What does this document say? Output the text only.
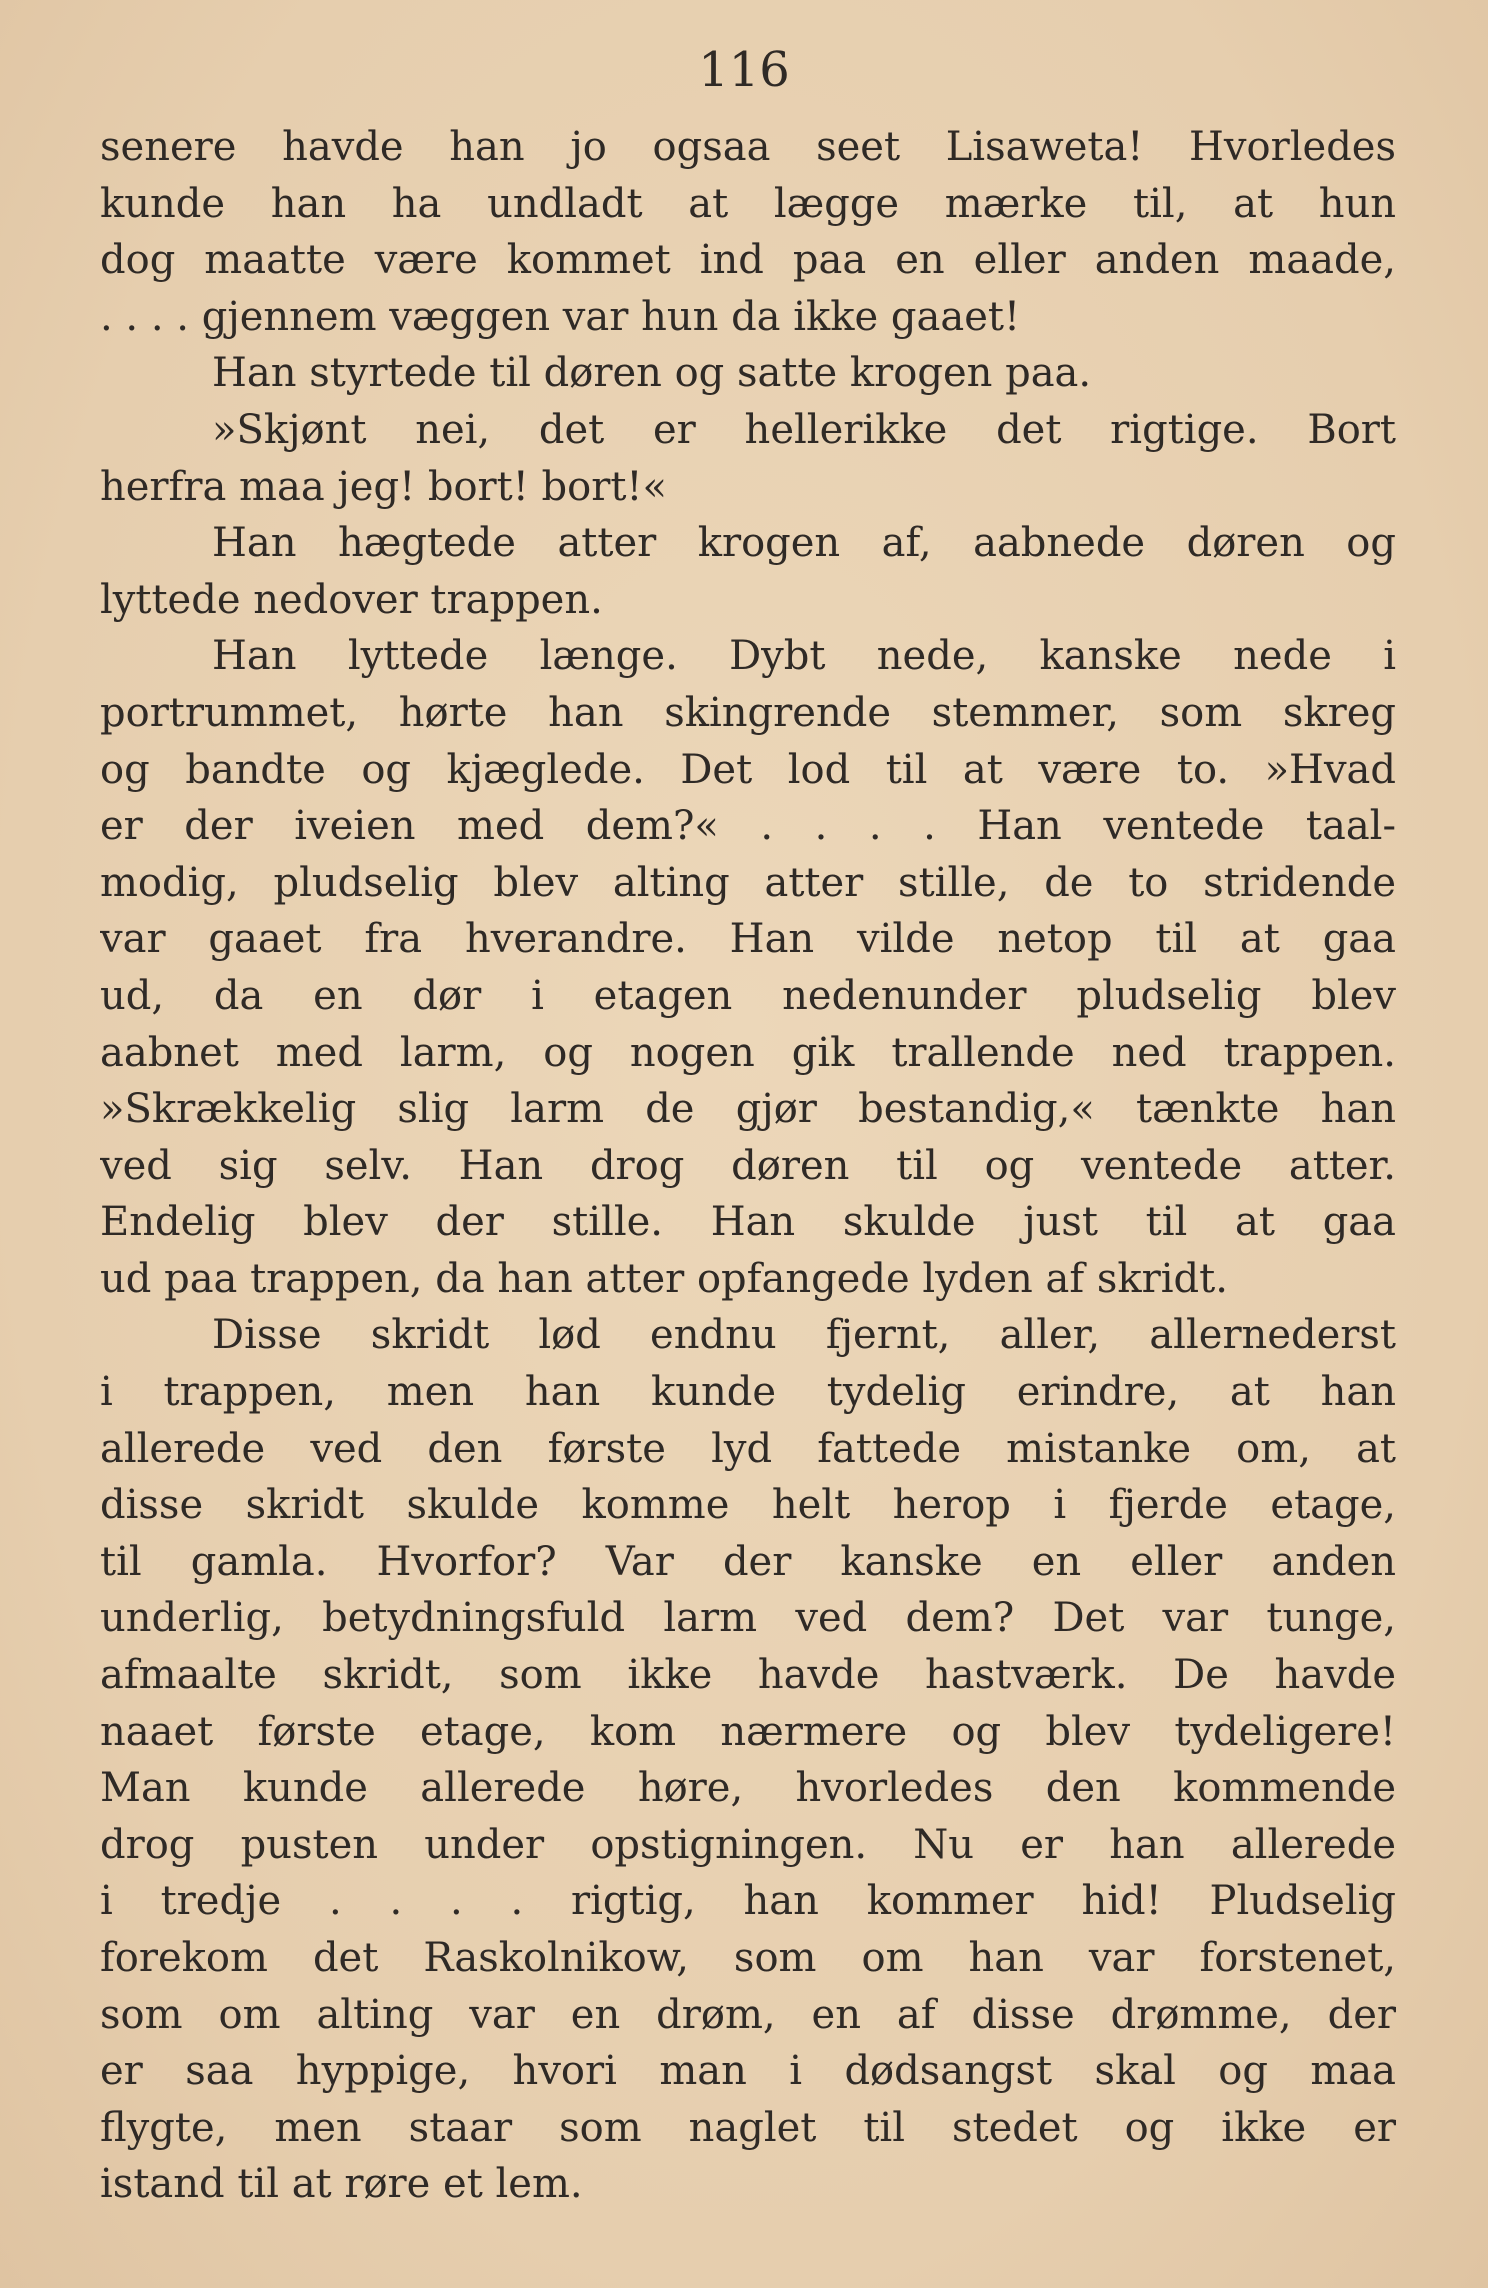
116
senere havde han jo ogsaa seet Lisaweta! Hvorledes
kunde han ha undladt at lægge mærke til, at hun
dog maatte være kommet ind paa en eller anden maade,
. . . . gjennem væggen var hun da ikke gaaet!
Han styrtede til døren og satte krogen paa.
»Skjønt nei, det er hellerikke det rigtige. Bort
herfra maa jeg! bort! bort!«
Han hægtede atter krogen af, aabnede døren og
lyttede nedover trappen.
Han lyttede længe. Dybt nede, kanske nede i
portrummet, hørte han skingrende stemmer, som skreg
og bandte og kjæglede. Det lod til at være to. »Hvad
er der iveien med dem?« . . . . Han ventede taal-
modig, pludselig blev alting atter stille, de to stridende
var gaaet fra hverandre. Han vilde netop til at gaa
ud, da en dør i etagen nedenunder pludselig blev
aabnet med larm, og nogen gik trallende ned trappen.
»Skrækkelig slig larm de gjør bestandig,« tænkte han
ved sig selv. Han drog døren til og ventede atter.
Endelig blev der stille. Han skulde just til at gaa
ud paa trappen, da han atter opfangede lyden af skridt.
Disse skridt lød endnu fjernt, aller, allernederst
i trappen, men han kunde tydelig erindre, at han
allerede ved den første lyd fattede mistanke om, at
disse skridt skulde komme helt herop i fjerde etage,
til gamla. Hvorfor? Var der kanske en eller anden
underlig, betydningsfuld larm ved dem? Det var tunge,
afmaalte skridt, som ikke havde hastværk. De havde
naaet første etage, kom nærmere og blev tydeligere!
Man kunde allerede høre, hvorledes den kommende
drog pusten under opstigningen. Nu er han allerede
i tredje . . . . rigtig, han kommer hid! Pludselig
forekom det Raskolnikow, som om han var forstenet,
som om alting var en drøm, en af disse drømme, der
er saa hyppige, hvori man i dødsangst skal og maa
flygte, men staar som naglet til stedet og ikke er
istand til at røre et lem.
